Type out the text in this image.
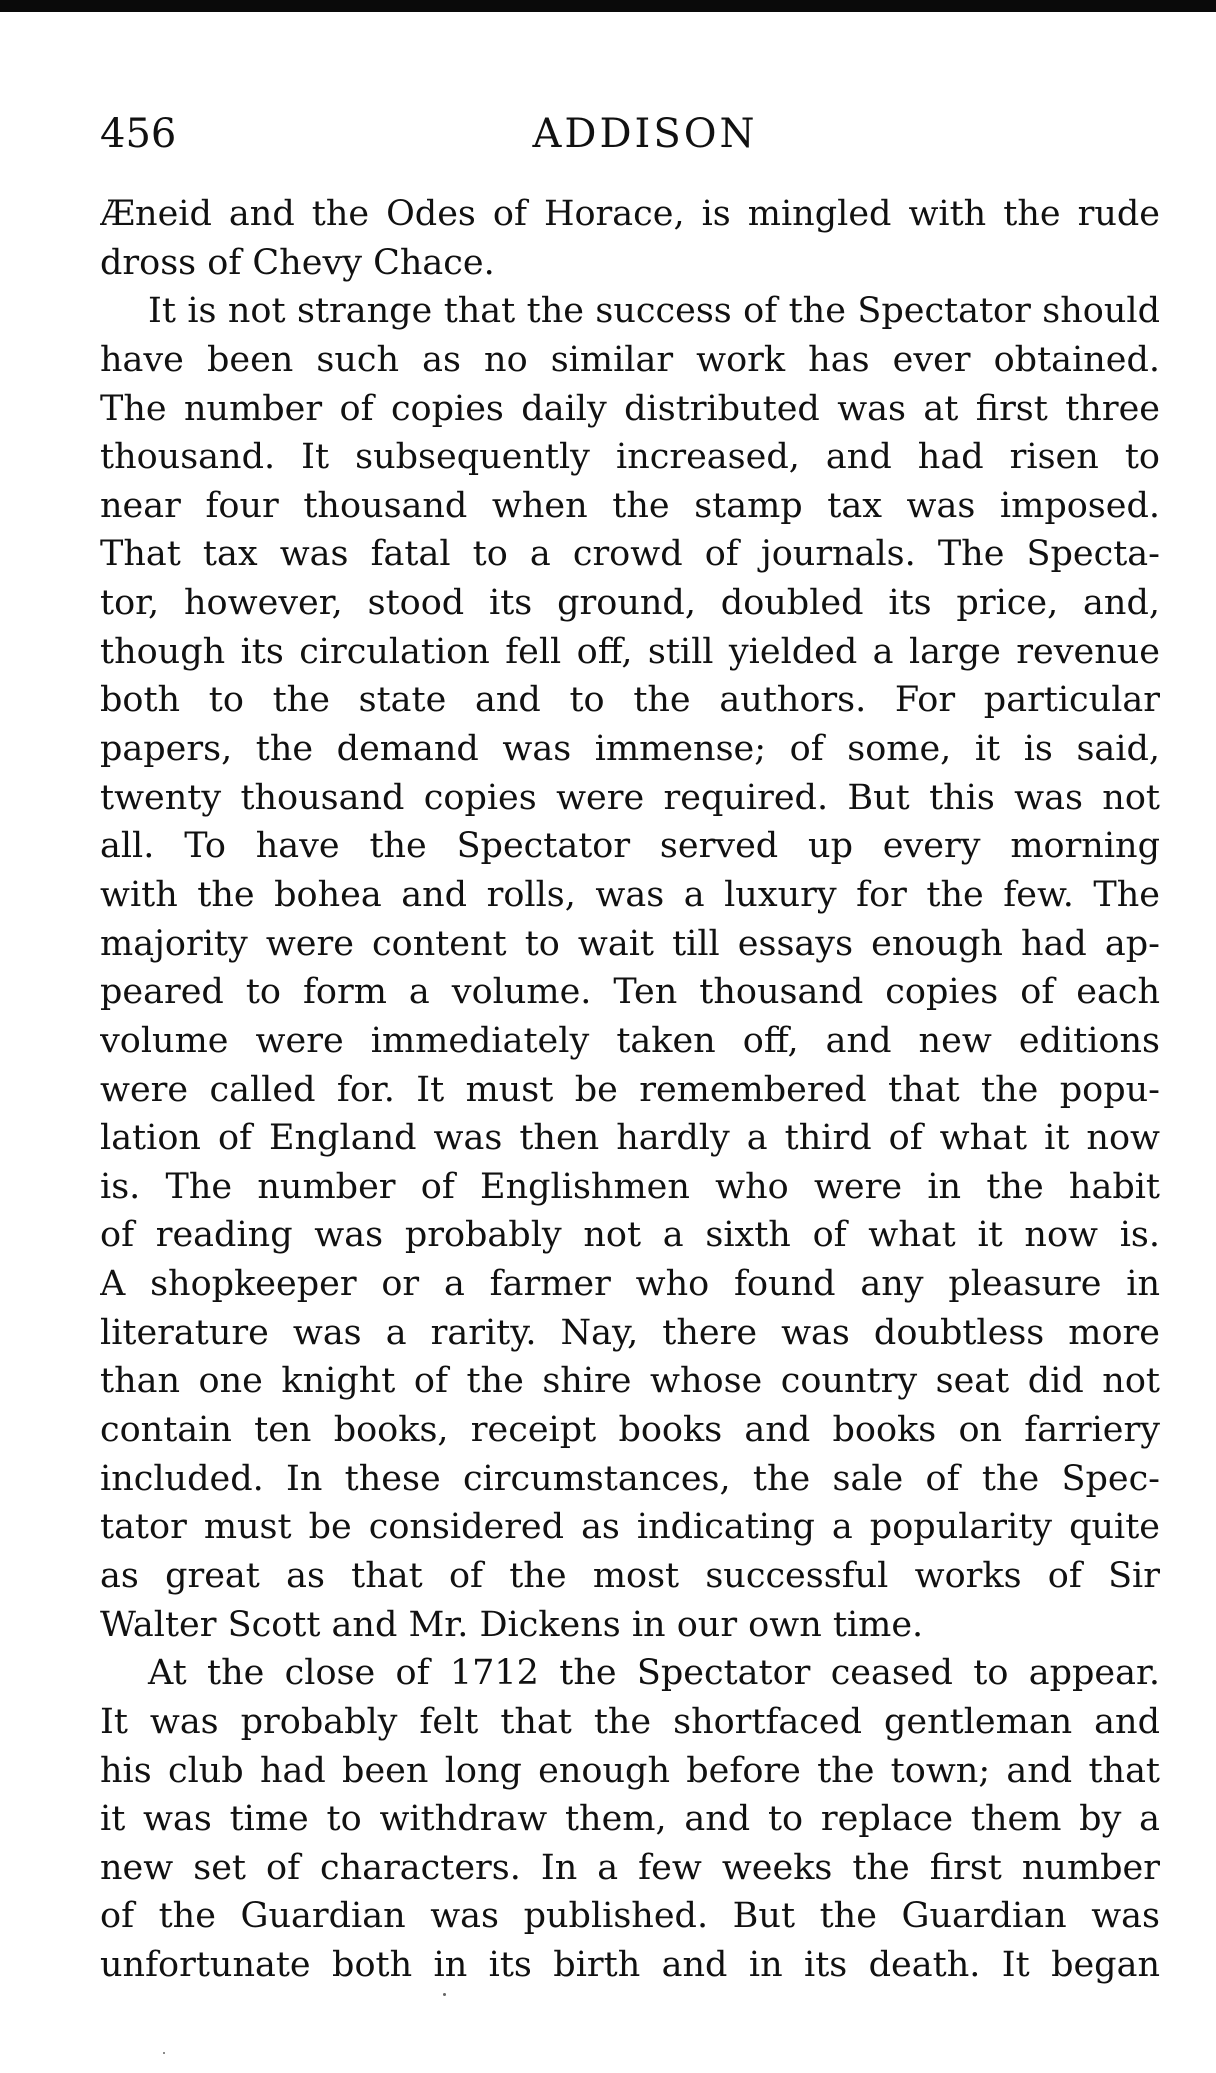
456	ADDISON
Æneid and the Odes of Horace, is mingled with the rude
dross of Chevy Chace.
It is not strange that the success of the Spectator should
have been such as no similar work has ever obtained.
The number of copies daily distributed was at first three
thousand. It subsequently increased, and had risen to
near four thousand when the stamp tax was imposed.
That tax was fatal to a crowd of journals. The Specta-
tor, however, stood its ground, doubled its price, and,
though its circulation fell off, still yielded a large revenue
both to the state and to the authors. For particular
papers, the demand was immense; of some, it is said,
twenty thousand copies were required. But this was not
all. To have the Spectator served up every morning
with the bohea and rolls, was a luxury for the few. The
majority were content to wait till essays enough had ap-
peared to form a volume. Ten thousand copies of each
volume were immediately taken off, and new editions
were called for. It must be remembered that the popu-
lation of England was then hardly a third of what it now
is. The number of Englishmen who were in the habit
of reading was probably not a sixth of what it now is.
A shopkeeper or a farmer who found any pleasure in
literature was a rarity. Nay, there was doubtless more
than one knight of the shire whose country seat did not
contain ten books, receipt books and books on farriery
included. In these circumstances, the sale of the Spec-
tator must be considered as indicating a popularity quite
as great as that of the most successful works of Sir
Walter Scott and Mr. Dickens in our own time.
At the close of 1712 the Spectator ceased to appear.
It was probably felt that the shortfaced gentleman and
his club had been long enough before the town; and that
it was time to withdraw them, and to replace them by a
new set of characters. In a few weeks the first number
of the Guardian was published. But the Guardian was
unfortunate both in its birth and in its death. It began
